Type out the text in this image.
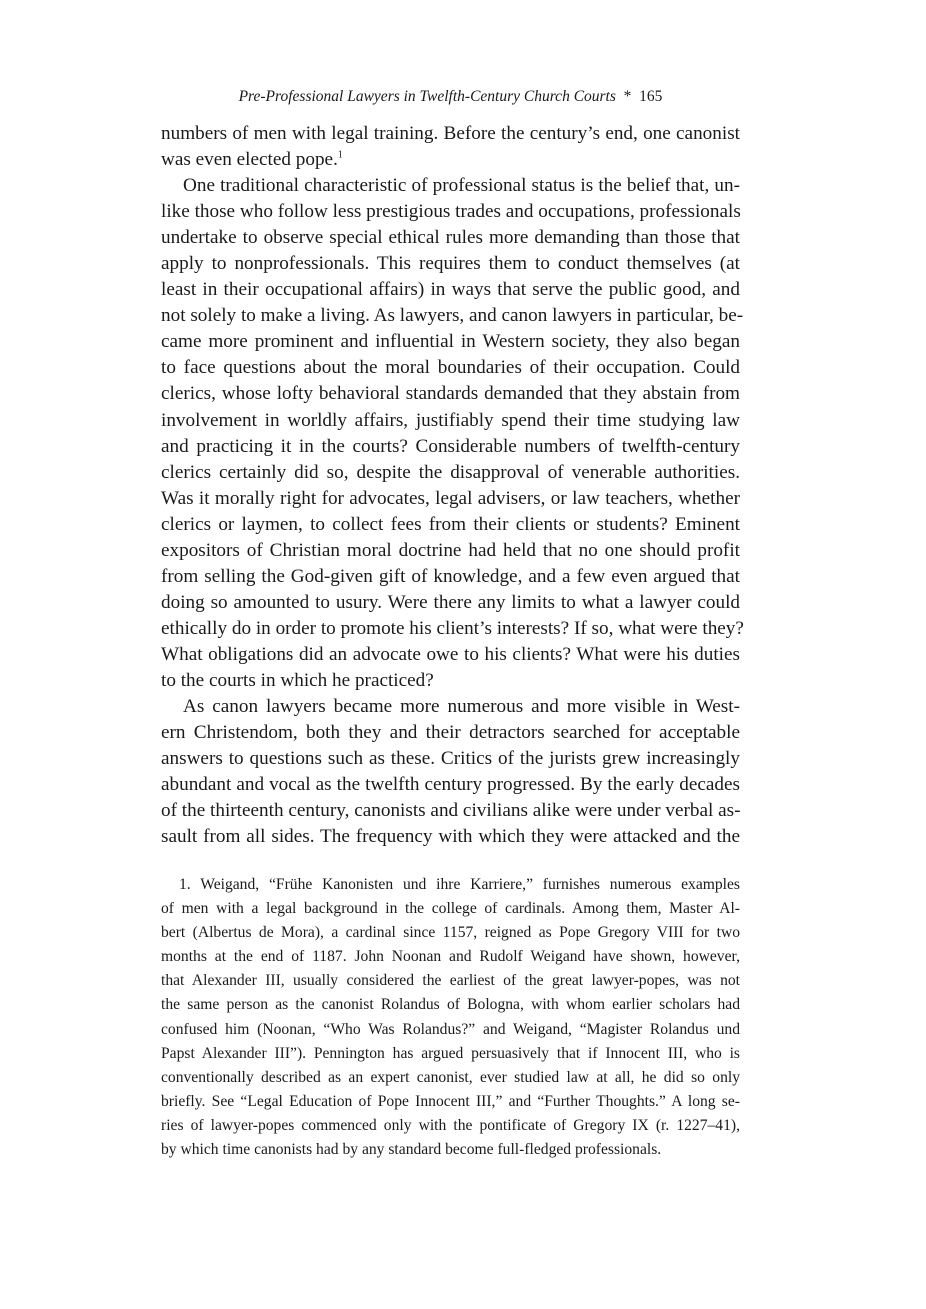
Pre-Professional Lawyers in Twelfth-Century Church Courts * 165
numbers of men with legal training. Before the century’s end, one canonist
was even elected pope.$^1$
One traditional characteristic of professional status is the belief that, un-
like those who follow less prestigious trades and occupations, professionals
undertake to observe special ethical rules more demanding than those that
apply to nonprofessionals. This requires them to conduct themselves (at
least in their occupational affairs) in ways that serve the public good, and
not solely to make a living. As lawyers, and canon lawyers in particular, be-
came more prominent and influential in Western society, they also began
to face questions about the moral boundaries of their occupation. Could
clerics, whose lofty behavioral standards demanded that they abstain from
involvement in worldly affairs, justifiably spend their time studying law
and practicing it in the courts? Considerable numbers of twelfth-century
clerics certainly did so, despite the disapproval of venerable authorities.
Was it morally right for advocates, legal advisers, or law teachers, whether
clerics or laymen, to collect fees from their clients or students? Eminent
expositors of Christian moral doctrine had held that no one should profit
from selling the God-given gift of knowledge, and a few even argued that
doing so amounted to usury. Were there any limits to what a lawyer could
ethically do in order to promote his client’s interests? If so, what were they?
What obligations did an advocate owe to his clients? What were his duties
to the courts in which he practiced?
As canon lawyers became more numerous and more visible in West-
ern Christendom, both they and their detractors searched for acceptable
answers to questions such as these. Critics of the jurists grew increasingly
abundant and vocal as the twelfth century progressed. By the early decades
of the thirteenth century, canonists and civilians alike were under verbal as-
sault from all sides. The frequency with which they were attacked and the
1. Weigand, “Frühe Kanonisten und ihre Karriere,” furnishes numerous examples
of men with a legal background in the college of cardinals. Among them, Master Al-
bert (Albertus de Mora), a cardinal since 1157, reigned as Pope Gregory VIII for two
months at the end of 1187. John Noonan and Rudolf Weigand have shown, however,
that Alexander III, usually considered the earliest of the great lawyer-popes, was not
the same person as the canonist Rolandus of Bologna, with whom earlier scholars had
confused him (Noonan, “Who Was Rolandus?” and Weigand, “Magister Rolandus und
Papst Alexander III”). Pennington has argued persuasively that if Innocent III, who is
conventionally described as an expert canonist, ever studied law at all, he did so only
briefly. See “Legal Education of Pope Innocent III,” and “Further Thoughts.” A long se-
ries of lawyer-popes commenced only with the pontificate of Gregory IX (r. 1227–41),
by which time canonists had by any standard become full-fledged professionals.
